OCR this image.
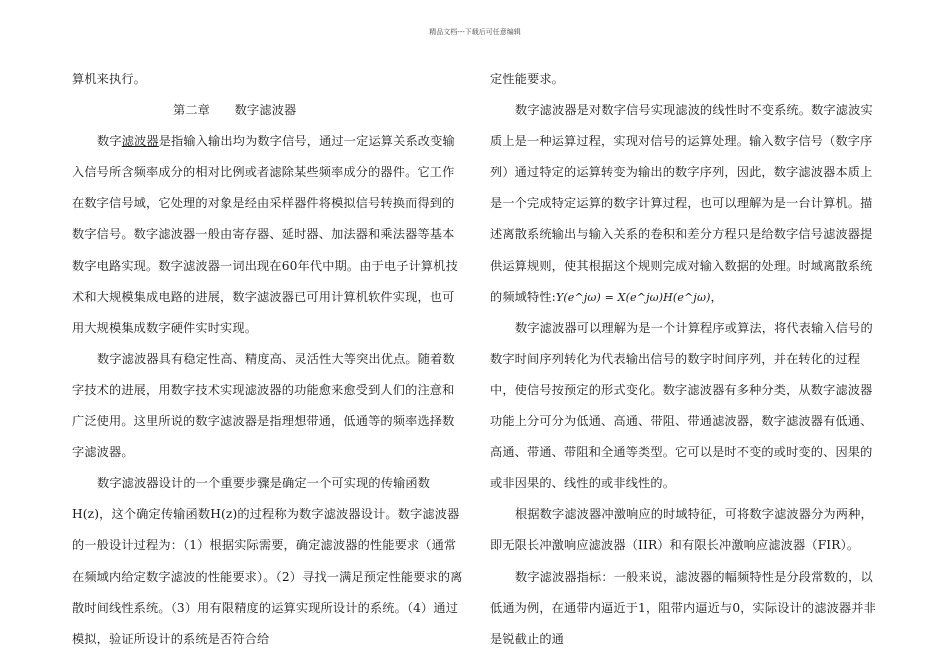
精品文档---下载后可任意编辑

算机来执行。

第二章　　数字滤波器

数字滤波器是指输入输出均为数字信号，通过一定运算关系改变输入信号所含频率成分的相对比例或者滤除某些频率成分的器件。它工作在数字信号域，它处理的对象是经由采样器件将模拟信号转换而得到的数字信号。数字滤波器一般由寄存器、延时器、加法器和乘法器等基本数字电路实现。数字滤波器一词出现在60年代中期。由于电子计算机技术和大规模集成电路的进展，数字滤波器已可用计算机软件实现，也可用大规模集成数字硬件实时实现。

数字滤波器具有稳定性高、精度高、灵活性大等突出优点。随着数字技术的进展，用数字技术实现滤波器的功能愈来愈受到人们的注意和广泛使用。这里所说的数字滤波器是指理想带通，低通等的频率选择数字滤波器。

数字滤波器设计的一个重要步骤是确定一个可实现的传输函数H(z)，这个确定传输函数H(z)的过程称为数字滤波器设计。数字滤波器的一般设计过程为：（1）根据实际需要，确定滤波器的性能要求（通常在频域内给定数字滤波的性能要求）。（2）寻找一满足预定性能要求的离散时间线性系统。（3）用有限精度的运算实现所设计的系统。（4）通过模拟，验证所设计的系统是否符合给

定性能要求。

数字滤波器是对数字信号实现滤波的线性时不变系统。数字滤波实质上是一种运算过程，实现对信号的运算处理。输入数字信号（数字序列）通过特定的运算转变为输出的数字序列，因此，数字滤波器本质上是一个完成特定运算的数字计算过程，也可以理解为是一台计算机。描述离散系统输出与输入关系的卷积和差分方程只是给数字信号滤波器提供运算规则，使其根据这个规则完成对输入数据的处理。时域离散系统的频域特性:Y(e^jω) = X(e^jω)H(e^jω)，

数字滤波器可以理解为是一个计算程序或算法，将代表输入信号的数字时间序列转化为代表输出信号的数字时间序列，并在转化的过程中，使信号按预定的形式变化。数字滤波器有多种分类，从数字滤波器功能上分可分为低通、高通、带阻、带通滤波器，数字滤波器有低通、高通、带通、带阻和全通等类型。它可以是时不变的或时变的、因果的或非因果的、线性的或非线性的。

根据数字滤波器冲激响应的时域特征，可将数字滤波器分为两种，即无限长冲激响应滤波器（IIR）和有限长冲激响应滤波器（FIR）。

数字滤波器指标：一般来说，滤波器的幅频特性是分段常数的，以低通为例，在通带内逼近于1，阻带内逼近与0，实际设计的滤波器并非是锐截止的通
